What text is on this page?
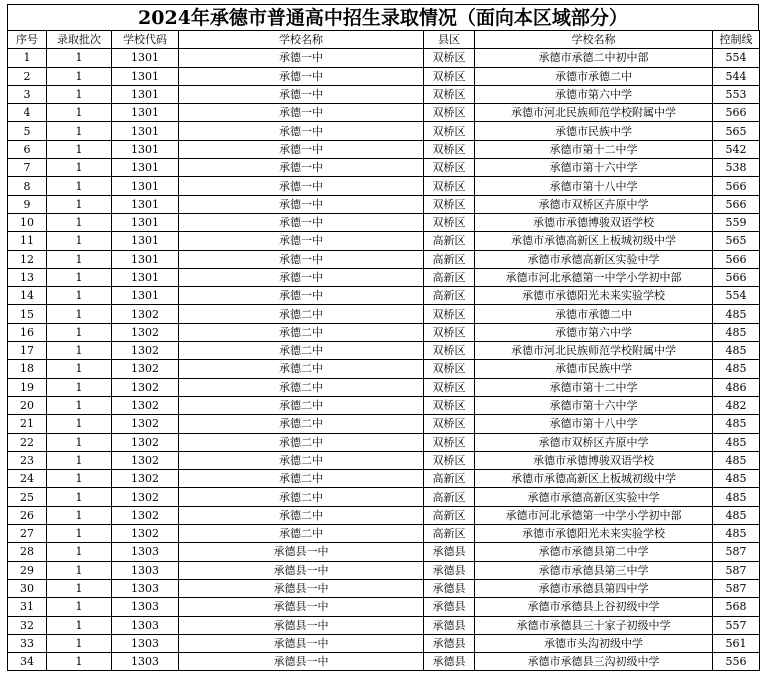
2024年承德市普通高中招生录取情况（面向本区域部分）
序号	录取批次	学校代码	学校名称	县区	学校名称	控制线
1	1	1301	承德一中	双桥区	承德市承德二中初中部	554
2	1	1301	承德一中	双桥区	承德市承德二中	544
3	1	1301	承德一中	双桥区	承德市第六中学	553
4	1	1301	承德一中	双桥区	承德市河北民族师范学校附属中学	566
5	1	1301	承德一中	双桥区	承德市民族中学	565
6	1	1301	承德一中	双桥区	承德市第十二中学	542
7	1	1301	承德一中	双桥区	承德市第十六中学	538
8	1	1301	承德一中	双桥区	承德市第十八中学	566
9	1	1301	承德一中	双桥区	承德市双桥区卉原中学	566
10	1	1301	承德一中	双桥区	承德市承德博骏双语学校	559
11	1	1301	承德一中	高新区	承德市承德高新区上板城初级中学	565
12	1	1301	承德一中	高新区	承德市承德高新区实验中学	566
13	1	1301	承德一中	高新区	承德市河北承德第一中学小学初中部	566
14	1	1301	承德一中	高新区	承德市承德阳光未来实验学校	554
15	1	1302	承德二中	双桥区	承德市承德二中	485
16	1	1302	承德二中	双桥区	承德市第六中学	485
17	1	1302	承德二中	双桥区	承德市河北民族师范学校附属中学	485
18	1	1302	承德二中	双桥区	承德市民族中学	485
19	1	1302	承德二中	双桥区	承德市第十二中学	486
20	1	1302	承德二中	双桥区	承德市第十六中学	482
21	1	1302	承德二中	双桥区	承德市第十八中学	485
22	1	1302	承德二中	双桥区	承德市双桥区卉原中学	485
23	1	1302	承德二中	双桥区	承德市承德博骏双语学校	485
24	1	1302	承德二中	高新区	承德市承德高新区上板城初级中学	485
25	1	1302	承德二中	高新区	承德市承德高新区实验中学	485
26	1	1302	承德二中	高新区	承德市河北承德第一中学小学初中部	485
27	1	1302	承德二中	高新区	承德市承德阳光未来实验学校	485
28	1	1303	承德县一中	承德县	承德市承德县第二中学	587
29	1	1303	承德县一中	承德县	承德市承德县第三中学	587
30	1	1303	承德县一中	承德县	承德市承德县第四中学	587
31	1	1303	承德县一中	承德县	承德市承德县上谷初级中学	568
32	1	1303	承德县一中	承德县	承德市承德县三十家子初级中学	557
33	1	1303	承德县一中	承德县	承德市头沟初级中学	561
34	1	1303	承德县一中	承德县	承德市承德县三沟初级中学	556
